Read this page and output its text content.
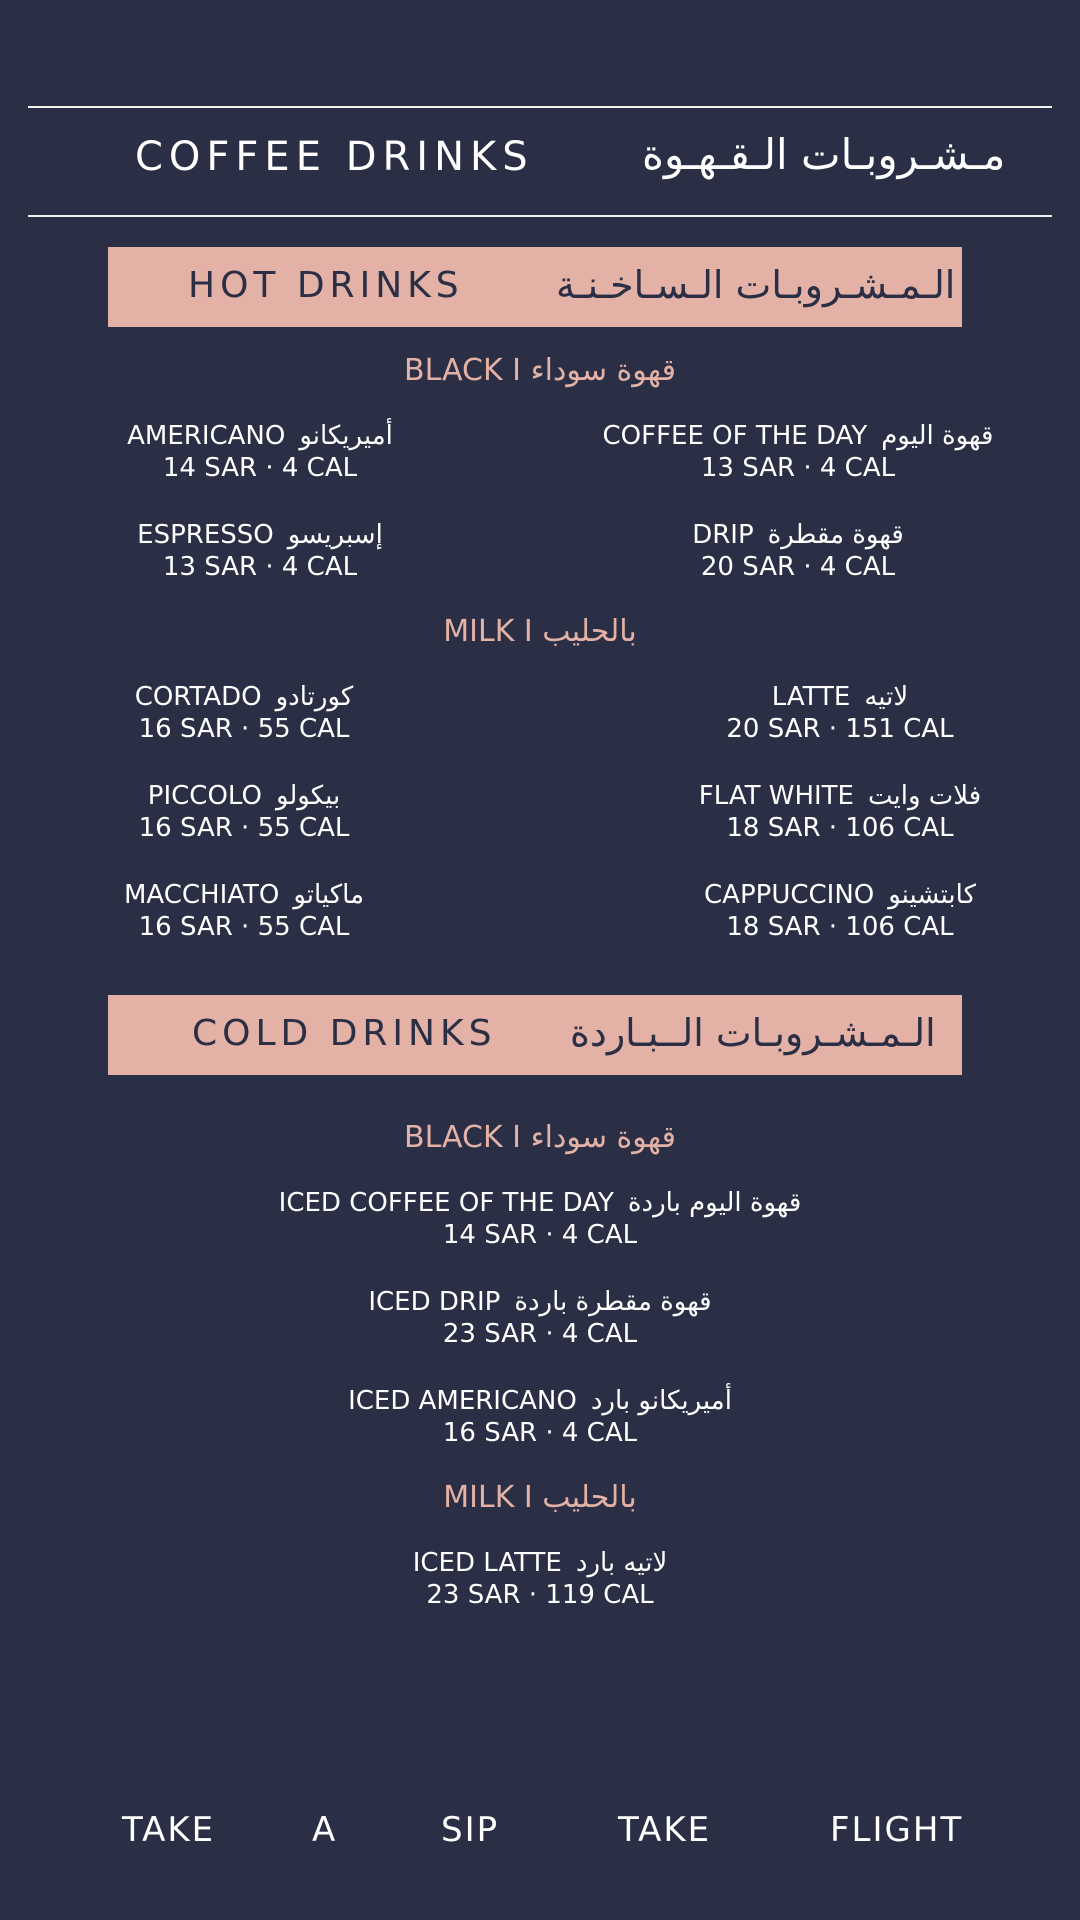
COFFEE DRINKS	مـشـروبـات الـقـهـوة
HOT DRINKS الـمـشـروبـات الـسـاخـنـة
BLACK I قهوة سوداء
AMERICANO أميريكانو
14 SAR · 4 CAL
COFFEE OF THE DAY قهوة اليوم
13 SAR · 4 CAL
ESPRESSO إسبريسو
13 SAR · 4 CAL
DRIP قهوة مقطرة
20 SAR · 4 CAL
MILK I بالحليب
CORTADO كورتادو
16 SAR · 55 CAL
LATTE لاتيه
20 SAR · 151 CAL
PICCOLO بيكولو
16 SAR · 55 CAL
FLAT WHITE فلات وايت
18 SAR · 106 CAL
MACCHIATO ماكياتو
16 SAR · 55 CAL
CAPPUCCINO كابتشينو
18 SAR · 106 CAL
COLD DRINKS الـمـشـروبـات الــبـاردة
BLACK I قهوة سوداء
ICED COFFEE OF THE DAY قهوة اليوم باردة
14 SAR · 4 CAL
ICED DRIP قهوة مقطرة باردة
23 SAR · 4 CAL
ICED AMERICANO أميريكانو بارد
16 SAR · 4 CAL
MILK I بالحليب
ICED LATTE لاتيه بارد
23 SAR · 119 CAL
TAKE	A	SIP	TAKE	FLIGHT
